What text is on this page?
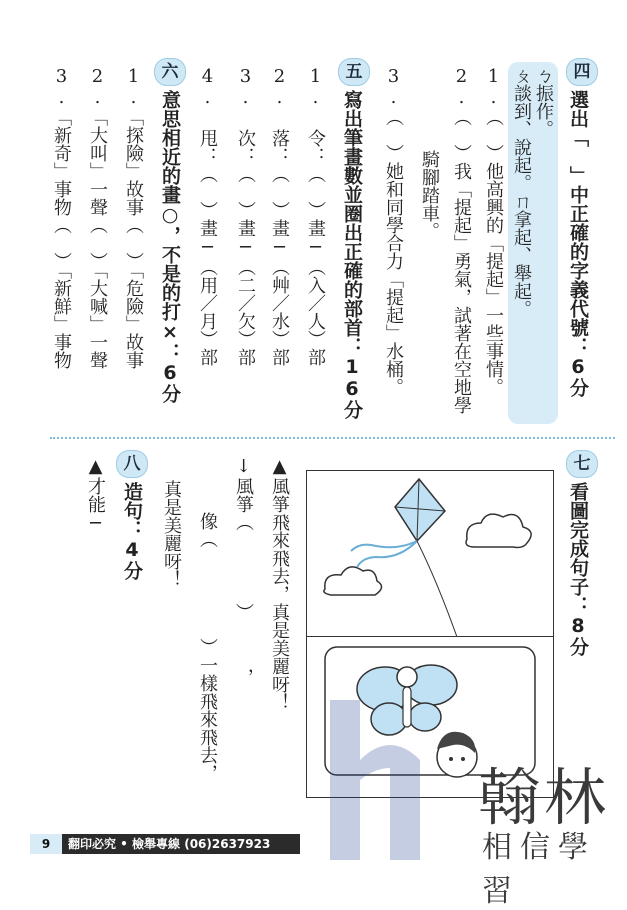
四
選出「　」中正確的字義代號：6分
ㄆ談到、說起。ㄇ拿起、舉起。 ㄅ振作。
1.（　）他高興的「提起」一些事情。
2.（　）我「提起」勇氣，試著在空地學
騎腳踏車。
3.（　）她和同學合力「提起」水桶。
五
寫出筆畫數並圈出正確的部首：16分
1. 令：（　）畫─（入／人）部
2. 落：（　）畫─（艸／水）部
3. 次：（　）畫─（二／欠）部
4. 甩：（　）畫─（用／月）部
六
意思相近的畫○，不是的打×：6分
1.「探險」故事（　）「危險」故事
2.「大叫」一聲（　）「大喊」一聲
3.「新奇」事物（　）「新鮮」事物
七
看圖完成句子：8分
▲風箏飛來飛去，真是美麗呀！
↓風箏（　　　　）
，
像（　　　　　）一樣飛來飛去，
真是美麗呀！
八
造句：4分
▲才能─
翰林
相信學習
9 翻印必究 • 檢舉專線 (06)2637923
